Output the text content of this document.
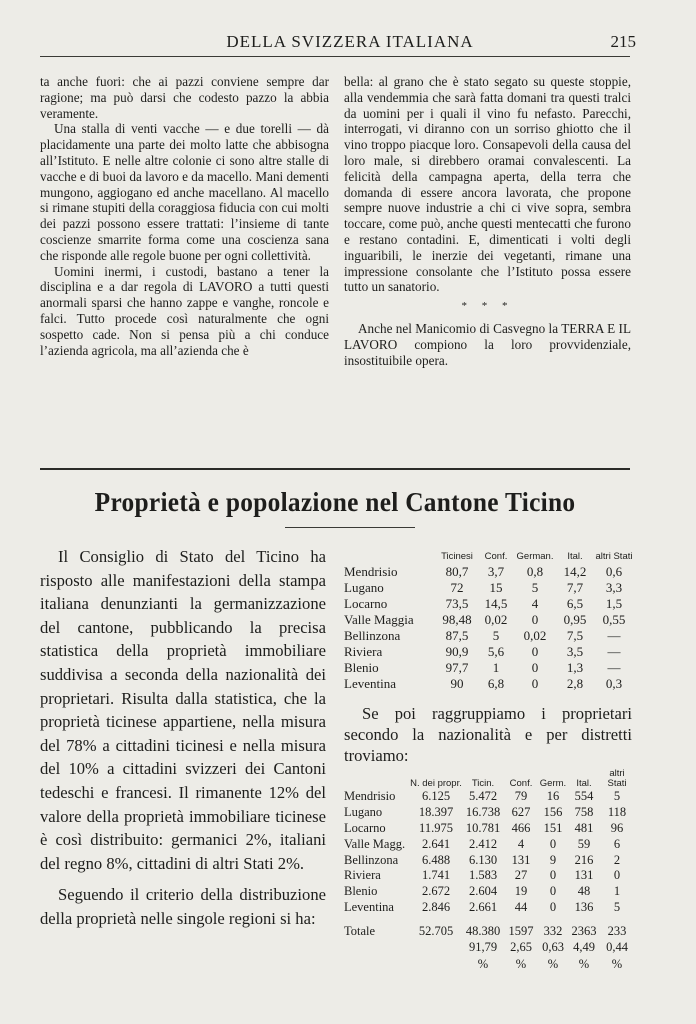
DELLA SVIZZERA ITALIANA	215

ta anche fuori: che ai pazzi conviene sempre dar ragione; ma può darsi che codesto pazzo la abbia veramente.

Una stalla di venti vacche — e due torelli — dà placidamente una parte dei molto latte che abbisogna all’Istituto. E nelle altre colonie ci sono altre stalle di vacche e di buoi da lavoro e da macello. Mani dementi mungono, aggiogano ed anche macellano. Al macello si rimane stupiti della coraggiosa fiducia con cui molti dei pazzi possono essere trattati: l’insieme di tante coscienze smarrite forma come una coscienza sana che risponde alle regole buone per ogni collettività.

Uomini inermi, i custodi, bastano a tener la disciplina e a dar regola di LAVORO a tutti questi anormali sparsi che hanno zappe e vanghe, roncole e falci. Tutto procede così naturalmente che ogni sospetto cade. Non si pensa più a chi conduce l’azienda agricola, ma all’azienda che è

bella: al grano che è stato segato su queste stoppie, alla vendemmia che sarà fatta domani tra questi tralci da uomini per i quali il vino fu nefasto. Parecchi, interrogati, vi diranno con un sorriso ghiotto che il vino troppo piacque loro. Consapevoli della causa del loro male, si direbbero oramai convalescenti. La felicità della campagna aperta, della terra che domanda di essere ancora lavorata, che propone sempre nuove industrie a chi ci vive sopra, sembra toccare, come può, anche questi mentecatti che furono e restano contadini. E, dimenticati i volti degli inguaribili, le inerzie dei vegetanti, rimane una impressione consolante che l’Istituto possa essere tutto un sanatorio.

* * *

Anche nel Manicomio di Casvegno la TERRA E IL LAVORO compiono la loro provvidenziale, insostituibile opera.

Proprietà e popolazione nel Cantone Ticino

Il Consiglio di Stato del Ticino ha risposto alle manifestazioni della stampa italiana denunzianti la germanizzazione del cantone, pubblicando la precisa statistica della proprietà immobiliare suddivisa a seconda della nazionalità dei proprietari. Risulta dalla statistica, che la proprietà ticinese appartiene, nella misura del 78% a cittadini ticinesi e nella misura del 10% a cittadini svizzeri dei Cantoni tedeschi e francesi. Il rimanente 12% del valore della proprietà immobiliare ticinese è così distribuito: germanici 2%, italiani del regno 8%, cittadini di altri Stati 2%.

Seguendo il criterio della distribuzione della proprietà nelle singole regioni si ha:

	Ticinesi	Conf.	German.	Ital.	altri Stati
Mendrisio	80,7	3,7	0,8	14,2	0,6
Lugano	72	15	5	7,7	3,3
Locarno	73,5	14,5	4	6,5	1,5
Valle Maggia	98,48	0,02	0	0,95	0,55
Bellinzona	87,5	5	0,02	7,5	—
Riviera	90,9	5,6	0	3,5	—
Blenio	97,7	1	0	1,3	—
Leventina	90	6,8	0	2,8	0,3

Se poi raggruppiamo i proprietari secondo la nazionalità e per distretti troviamo:

	N. dei propr.	Ticin.	Conf.	Germ.	Ital.	altri Stati
Mendrisio	6.125	5.472	79	16	554	5
Lugano	18.397	16.738	627	156	758	118
Locarno	11.975	10.781	466	151	481	96
Valle Magg.	2.641	2.412	4	0	59	6
Bellinzona	6.488	6.130	131	9	216	2
Riviera	1.741	1.583	27	0	131	0
Blenio	2.672	2.604	19	0	48	1
Leventina	2.846	2.661	44	0	136	5
Totale	52.705	48.380	1597	332	2363	233
		91,79	2,65	0,63	4,49	0,44
		%	%	%	%	%
